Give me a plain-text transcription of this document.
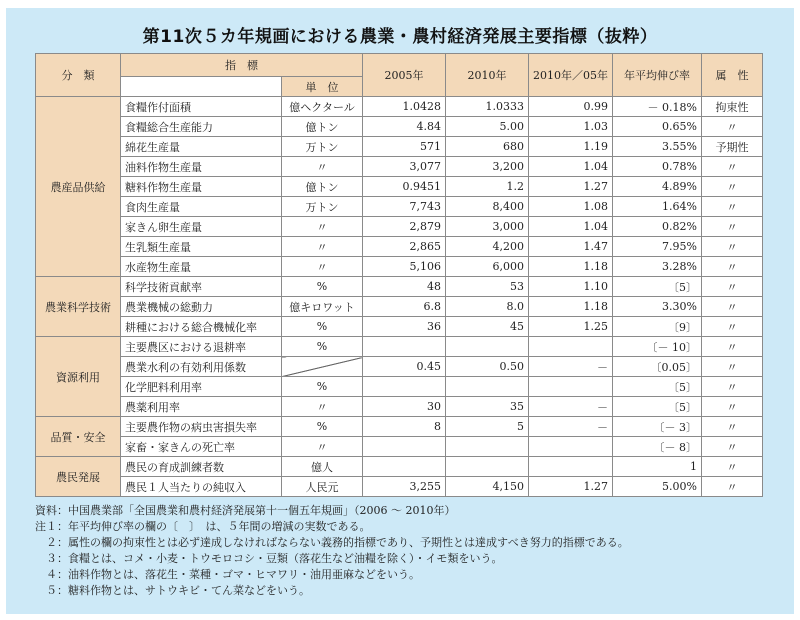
第11次５カ年規画における農業・農村経済発展主要指標（抜粋）
分　類	指　標		2005年	2010年	2010年／05年	年平均伸び率	属　性
		単　位					
農産品供給	食糧作付面積	億ヘクタール	1.0428	1.0333	0.99	－ 0.18%	拘束性
	食糧総合生産能力	億トン	4.84	5.00	1.03	0.65%	〃
	綿花生産量	万トン	571	680	1.19	3.55%	予期性
	油料作物生産量	〃	3,077	3,200	1.04	0.78%	〃
	糖料作物生産量	億トン	0.9451	1.2	1.27	4.89%	〃
	食肉生産量	万トン	7,743	8,400	1.08	1.64%	〃
	家きん卵生産量	〃	2,879	3,000	1.04	0.82%	〃
	生乳類生産量	〃	2,865	4,200	1.47	7.95%	〃
	水産物生産量	〃	5,106	6,000	1.18	3.28%	〃
農業科学技術	科学技術貢献率	%	48	53	1.10	〔5〕	〃
	農業機械の総動力	億キロワット	6.8	8.0	1.18	3.30%	〃
	耕種における総合機械化率	%	36	45	1.25	〔9〕	〃
資源利用	主要農区における退耕率	%				〔－ 10〕	〃
	農業水利の有効利用係数		0.45	0.50	－	〔0.05〕	〃
	化学肥料利用率	%				〔5〕	〃
	農薬利用率	〃	30	35	－	〔5〕	〃
品質・安全	主要農作物の病虫害損失率	%	8	5	－	〔－ 3〕	〃
	家畜・家きんの死亡率	〃				〔－ 8〕	〃
農民発展	農民の育成訓練者数	億人				1	〃
	農民１人当たりの純収入	人民元	3,255	4,150	1.27	5.00%	〃
資料：中国農業部「全国農業和農村経済発展第十一個五年規画」（2006 ～ 2010年）
注１：年平均伸び率の欄の〔　〕　は、５年間の増減の実数である。
　２：属性の欄の拘束性とは必ず達成しなければならない義務的指標であり、予期性とは達成すべき努力的指標である。
　３：食糧とは、コメ・小麦・トウモロコシ・豆類（落花生など油糧を除く）・イモ類をいう。
　４：油料作物とは、落花生・菜種・ゴマ・ヒマワリ・油用亜麻などをいう。
　５：糖料作物とは、サトウキビ・てん菜などをいう。
